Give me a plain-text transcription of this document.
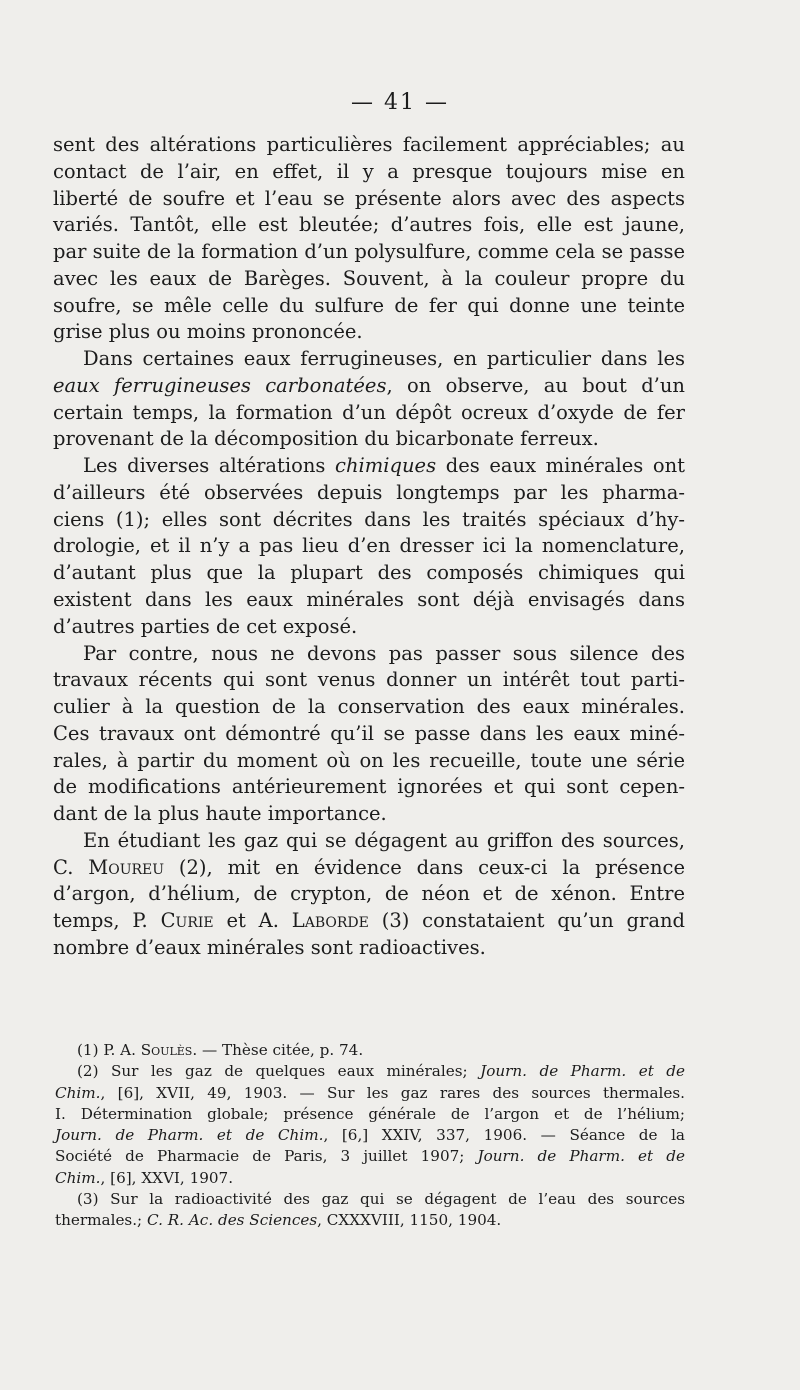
— 41 —
sent des altérations particulières facilement appréciables; au
contact de l’air, en effet, il y a presque toujours mise en
liberté de soufre et l’eau se présente alors avec des aspects
variés. Tantôt, elle est bleutée; d’autres fois, elle est jaune,
par suite de la formation d’un polysulfure, comme cela se passe
avec les eaux de Barèges. Souvent, à la couleur propre du
soufre, se mêle celle du sulfure de fer qui donne une teinte
grise plus ou moins prononcée.
Dans certaines eaux ferrugineuses, en particulier dans les
eaux ferrugineuses carbonatées, on observe, au bout d’un
certain temps, la formation d’un dépôt ocreux d’oxyde de fer
provenant de la décomposition du bicarbonate ferreux.
Les diverses altérations chimiques des eaux minérales ont
d’ailleurs été observées depuis longtemps par les pharma-
ciens (1); elles sont décrites dans les traités spéciaux d’hy-
drologie, et il n’y a pas lieu d’en dresser ici la nomenclature,
d’autant plus que la plupart des composés chimiques qui
existent dans les eaux minérales sont déjà envisagés dans
d’autres parties de cet exposé.
Par contre, nous ne devons pas passer sous silence des
travaux récents qui sont venus donner un intérêt tout parti-
culier à la question de la conservation des eaux minérales.
Ces travaux ont démontré qu’il se passe dans les eaux miné-
rales, à partir du moment où on les recueille, toute une série
de modifications antérieurement ignorées et qui sont cepen-
dant de la plus haute importance.
En étudiant les gaz qui se dégagent au griffon des sources,
C. Moureu (2), mit en évidence dans ceux-ci la présence
d’argon, d’hélium, de crypton, de néon et de xénon. Entre
temps, P. Curie et A. Laborde (3) constataient qu’un grand
nombre d’eaux minérales sont radioactives.
(1) P. A. Soulès. — Thèse citée, p. 74.
(2) Sur les gaz de quelques eaux minérales; Journ. de Pharm. et de
Chim., [6], XVII, 49, 1903. — Sur les gaz rares des sources thermales.
I. Détermination globale; présence générale de l’argon et de l’hélium;
Journ. de Pharm. et de Chim., [6,] XXIV, 337, 1906. — Séance de la
Société de Pharmacie de Paris, 3 juillet 1907; Journ. de Pharm. et de
Chim., [6], XXVI, 1907.
(3) Sur la radioactivité des gaz qui se dégagent de l’eau des sources
thermales.; C. R. Ac. des Sciences, CXXXVIII, 1150, 1904.
